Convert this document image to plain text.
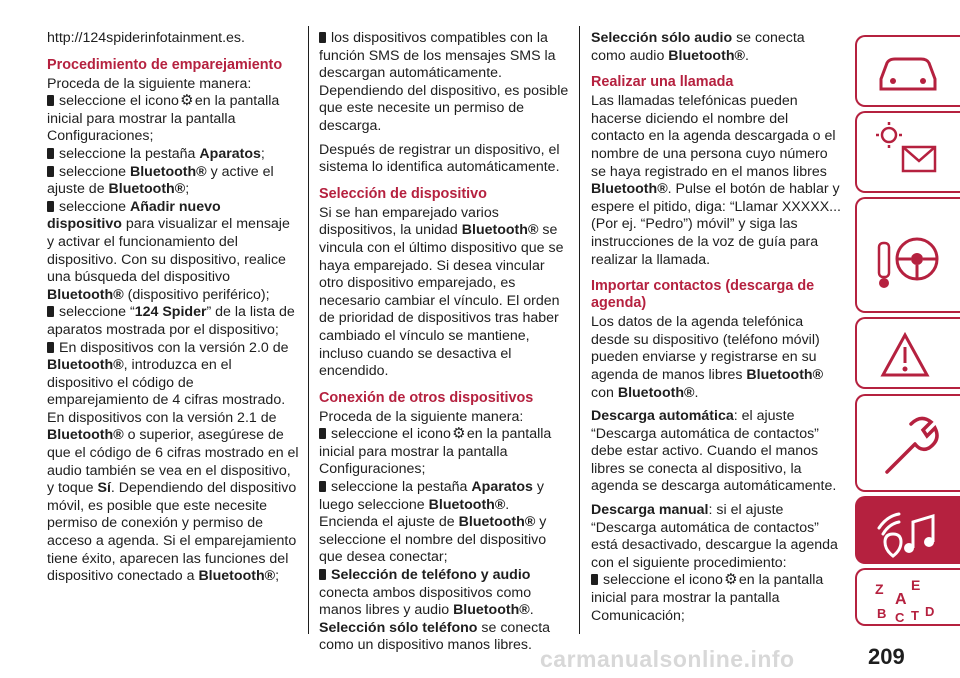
http://124spiderinfotainment.es.

Procedimiento de emparejamiento

Proceda de la siguiente manera:

seleccione el icono⚙en la pantalla inicial para mostrar la pantalla Configuraciones;

seleccione la pestaña Aparatos;

seleccione Bluetooth® y active el ajuste de Bluetooth®;

seleccione Añadir nuevo dispositivo para visualizar el mensaje y activar el funcionamiento del dispositivo. Con su dispositivo, realice una búsqueda del dispositivo Bluetooth® (dispositivo periférico);

seleccione “124 Spider” de la lista de aparatos mostrada por el dispositivo;

En dispositivos con la versión 2.0 de Bluetooth®, introduzca en el dispositivo el código de emparejamiento de 4 cifras mostrado. En dispositivos con la versión 2.1 de Bluetooth® o superior, asegúrese de que el código de 6 cifras mostrado en el audio también se vea en el dispositivo, y toque Sí. Dependiendo del dispositivo móvil, es posible que este necesite permiso de conexión y permiso de acceso a agenda. Si el emparejamiento tiene éxito, aparecen las funciones del dispositivo conectado a Bluetooth®;

los dispositivos compatibles con la función SMS de los mensajes SMS la descargan automáticamente. Dependiendo del dispositivo, es posible que este necesite un permiso de descarga.

Después de registrar un dispositivo, el sistema lo identifica automáticamente.

Selección de dispositivo

Si se han emparejado varios dispositivos, la unidad Bluetooth® se vincula con el último dispositivo que se haya emparejado. Si desea vincular otro dispositivo emparejado, es necesario cambiar el vínculo. El orden de prioridad de dispositivos tras haber cambiado el vínculo se mantiene, incluso cuando se desactiva el encendido.

Conexión de otros dispositivos

Proceda de la siguiente manera:

seleccione el icono⚙en la pantalla inicial para mostrar la pantalla Configuraciones;

seleccione la pestaña Aparatos y luego seleccione Bluetooth®. Encienda el ajuste de Bluetooth® y seleccione el nombre del dispositivo que desea conectar;

Selección de teléfono y audio conecta ambos dispositivos como manos libres y audio Bluetooth®. Selección sólo teléfono se conecta como un dispositivo manos libres.

Selección sólo audio se conecta como audio Bluetooth®.

Realizar una llamada

Las llamadas telefónicas pueden hacerse diciendo el nombre del contacto en la agenda descargada o el nombre de una persona cuyo número se haya registrado en el manos libres Bluetooth®. Pulse el botón de hablar y espere el pitido, diga: “Llamar XXXXX... (Por ej. “Pedro”) móvil” y siga las instrucciones de la voz de guía para realizar la llamada.

Importar contactos (descarga de agenda)

Los datos de la agenda telefónica desde su dispositivo (teléfono móvil) pueden enviarse y registrarse en su agenda de manos libres Bluetooth® con Bluetooth®.

Descarga automática: el ajuste “Descarga automática de contactos” debe estar activo. Cuando el manos libres se conecta al dispositivo, la agenda se descarga automáticamente.

Descarga manual: si el ajuste “Descarga automática de contactos” está desactivado, descargue la agenda con el siguiente procedimiento:

seleccione el icono⚙en la pantalla inicial para mostrar la pantalla Comunicación;

Z E
A
B C T D
carmanualsonline.info	209
